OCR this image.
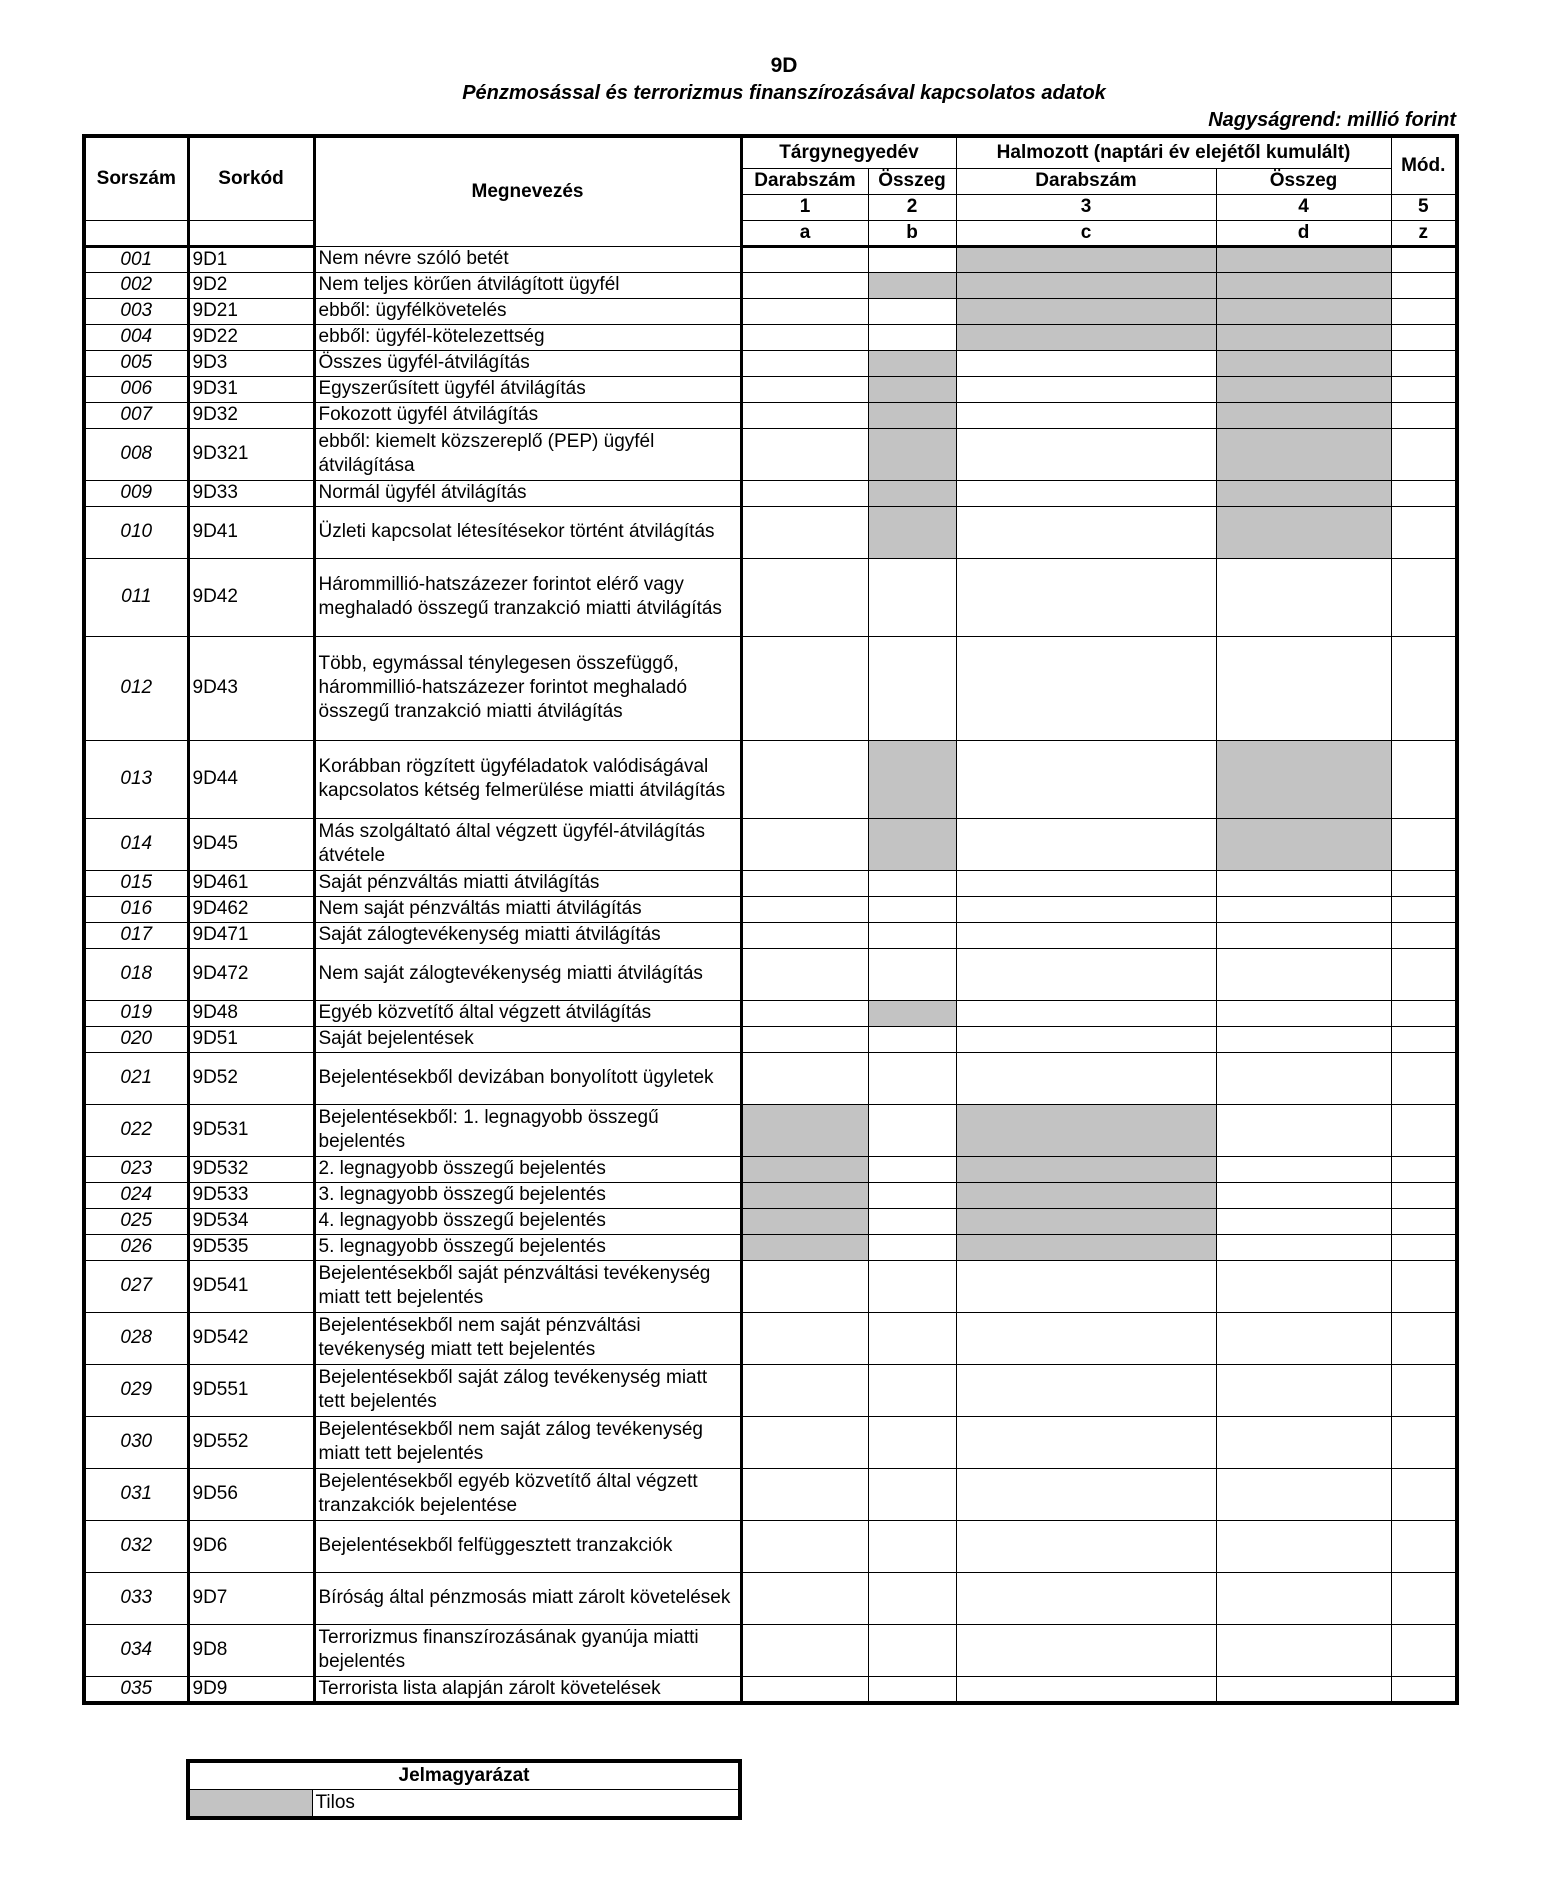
9D
Pénzmosással és terrorizmus finanszírozásával kapcsolatos adatok
Nagyságrend: millió forint
Sorszám	Sorkód	Megnevezés	Tárgynegyedév		Halmozott (naptári év elejétől kumulált)		Mód.
			Darabszám	Összeg	Darabszám	Összeg	
			1	2	3	4	5
			a	b	c	d	z
001	9D1	Nem névre szóló betét					
002	9D2	Nem teljes körűen átvilágított ügyfél					
003	9D21	ebből: ügyfélkövetelés					
004	9D22	ebből: ügyfél-kötelezettség					
005	9D3	Összes ügyfél-átvilágítás					
006	9D31	Egyszerűsített ügyfél átvilágítás					
007	9D32	Fokozott ügyfél átvilágítás					
008	9D321	ebből: kiemelt közszereplő (PEP) ügyfél átvilágítása					
009	9D33	Normál ügyfél átvilágítás					
010	9D41	Üzleti kapcsolat létesítésekor történt átvilágítás					
011	9D42	Hárommillió-hatszázezer forintot elérő vagy meghaladó összegű tranzakció miatti átvilágítás					
012	9D43	Több, egymással ténylegesen összefüggő, hárommillió-hatszázezer forintot meghaladó összegű tranzakció miatti átvilágítás					
013	9D44	Korábban rögzített ügyféladatok valódiságával kapcsolatos kétség felmerülése miatti átvilágítás					
014	9D45	Más szolgáltató által végzett ügyfél-átvilágítás átvétele					
015	9D461	Saját pénzváltás miatti átvilágítás					
016	9D462	Nem saját pénzváltás miatti átvilágítás					
017	9D471	Saját zálogtevékenység miatti átvilágítás					
018	9D472	Nem saját zálogtevékenység miatti átvilágítás					
019	9D48	Egyéb közvetítő által végzett átvilágítás					
020	9D51	Saját bejelentések					
021	9D52	Bejelentésekből devizában bonyolított ügyletek					
022	9D531	Bejelentésekből: 1. legnagyobb összegű bejelentés					
023	9D532	2. legnagyobb összegű bejelentés					
024	9D533	3. legnagyobb összegű bejelentés					
025	9D534	4. legnagyobb összegű bejelentés					
026	9D535	5. legnagyobb összegű bejelentés					
027	9D541	Bejelentésekből saját pénzváltási tevékenység miatt tett bejelentés					
028	9D542	Bejelentésekből nem saját pénzváltási tevékenység miatt tett bejelentés					
029	9D551	Bejelentésekből saját zálog tevékenység miatt tett bejelentés					
030	9D552	Bejelentésekből nem saját zálog tevékenység miatt tett bejelentés					
031	9D56	Bejelentésekből egyéb közvetítő által végzett tranzakciók bejelentése					
032	9D6	Bejelentésekből felfüggesztett tranzakciók					
033	9D7	Bíróság által pénzmosás miatt zárolt követelések					
034	9D8	Terrorizmus finanszírozásának gyanúja miatti bejelentés					
035	9D9	Terrorista lista alapján zárolt követelések					
Jelmagyarázat
	Tilos
